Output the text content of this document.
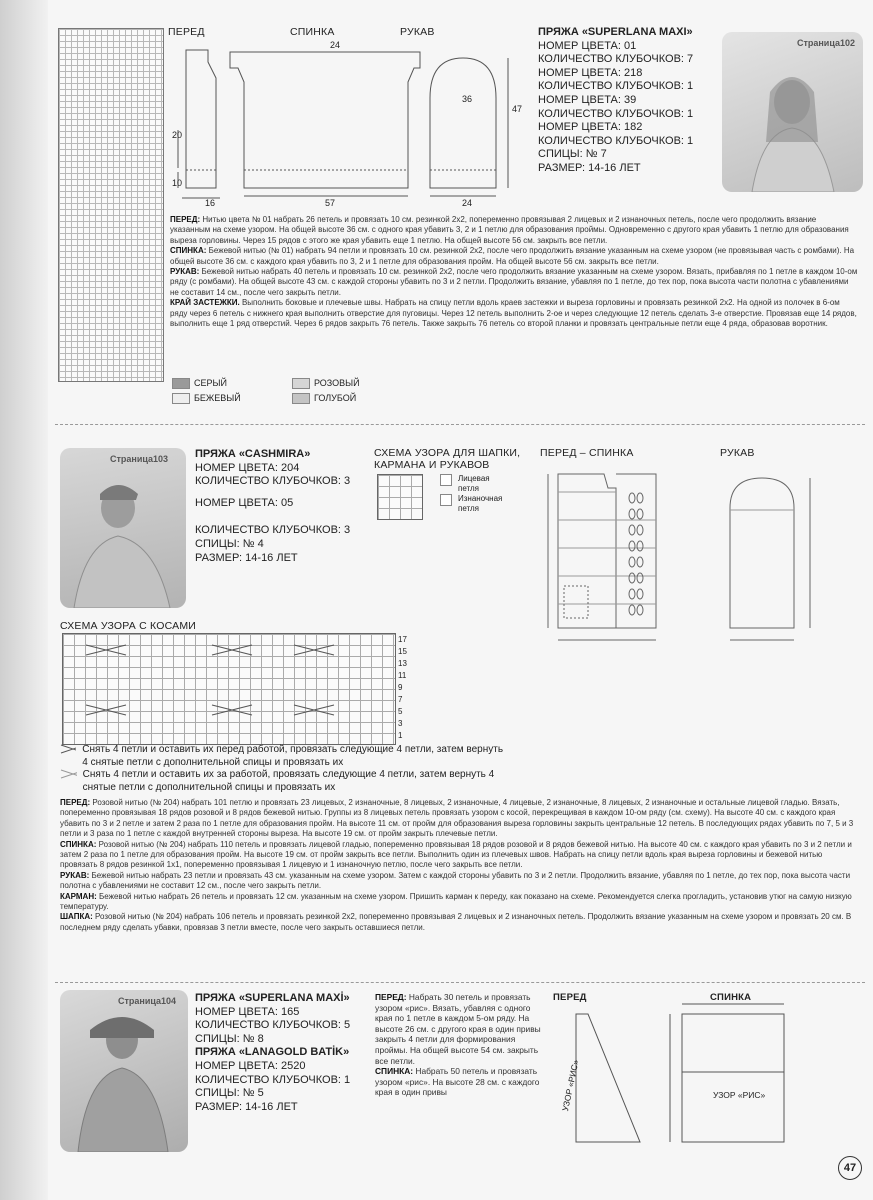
ПЕРЕД	СПИНКА	РУКАВ
16
24
57
20
10
36
47
24
ПРЯЖА «SUPERLANA MAXI»
НОМЕР ЦВЕТА: 01
КОЛИЧЕСТВО КЛУБОЧКОВ: 7
НОМЕР ЦВЕТА: 218
КОЛИЧЕСТВО КЛУБОЧКОВ: 1
НОМЕР ЦВЕТА: 39
КОЛИЧЕСТВО КЛУБОЧКОВ: 1
НОМЕР ЦВЕТА: 182
КОЛИЧЕСТВО КЛУБОЧКОВ: 1
СПИЦЫ: № 7
РАЗМЕР: 14-16 ЛЕТ
Страница102

ПЕРЕД: Нитью цвета № 01 набрать 26 петель и провязать 10 см. резинкой 2х2, попеременно провязывая 2 лицевых и 2 изнаночных петель, после чего продолжить вязание указанным на схеме узором. На общей высоте 36 см. с одного края убавить 3, 2 и 1 петлю для образования проймы. Одновременно с другого края убавить 1 петлю для образования выреза горловины. Через 15 рядов с этого же края убавить еще 1 петлю. На общей высоте 56 см. закрыть все петли.

СПИНКА: Бежевой нитью (№ 01) набрать 94 петли и провязать 10 см. резинкой 2х2, после чего продолжить вязание указанным на схеме узором (не провязывая часть с ромбами). На общей высоте 36 см. с каждого края убавить по 3, 2 и 1 петле для образования пройм. На общей высоте 56 см. закрыть все петли.

РУКАВ: Бежевой нитью набрать 40 петель и провязать 10 см. резинкой 2х2, после чего продолжить вязание указанным на схеме узором. Вязать, прибавляя по 1 петле в каждом 10-ом ряду (с ромбами). На общей высоте 43 см. с каждой стороны убавить по 3 и 2 петли. Продолжить вязание, убавляя по 1 петле, до тех пор, пока высота части полотна с убавлениями не составит 14 см., после чего закрыть петли.

КРАЙ ЗАСТЕЖКИ. Выполнить боковые и плечевые швы. Набрать на спицу петли вдоль краев застежки и выреза горловины и провязать резинкой 2х2. На одной из полочек в 6-ом ряду через 6 петель с нижнего края выполнить отверстие для пуговицы. Через 12 петель выполнить 2-ое и через следующие 12 петель сделать 3-е отверстие. Провязав еще 14 рядов, выполнить еще 1 ряд отверстий. Через 6 рядов закрыть 76 петель. Также закрыть 76 петель со второй планки и провязать центральные петли еще 4 ряда, образовав воротник.

СЕРЫЙ
БЕЖЕВЫЙ
РОЗОВЫЙ
ГОЛУБОЙ
Страница103 ПРЯЖА «CASHMIRA»
НОМЕР ЦВЕТА: 204
КОЛИЧЕСТВО КЛУБОЧКОВ: 3
НОМЕР ЦВЕТА: 05
КОЛИЧЕСТВО КЛУБОЧКОВ: 3
СПИЦЫ: № 4
РАЗМЕР: 14-16 ЛЕТ
СХЕМА УЗОРА ДЛЯ ШАПКИ,
КАРМАНА И РУКАВОВ
Лицевая
петля
Изнаночная
петля
ПЕРЕД – СПИНКА	РУКАВ
СХЕМА УЗОРА С КОСАМИ
17
15
13
11
9
7
5
3
1
Снять 4 петли и оставить их перед работой, провязать следующие 4 петли, затем вернуть 4 снятые петли с дополнительной спицы и провязать их
Снять 4 петли и оставить их за работой, провязать следующие 4 петли, затем вернуть 4 снятые петли с дополнительной спицы и провязать их

ПЕРЕД: Розовой нитью (№ 204) набрать 101 петлю и провязать 23 лицевых, 2 изнаночные, 8 лицевых, 2 изнаночные, 4 лицевые, 2 изнаночные, 8 лицевых, 2 изнаночные и остальные лицевой гладью. Вязать, попеременно провязывая 18 рядов розовой и 8 рядов бежевой нитью. Группы из 8 лицевых петель провязать узором с косой, перекрещивая в каждом 10-ом ряду (см. схему). На высоте 40 см. с каждого края убавить по 3 и 2 петле и затем 2 раза по 1 петле для образования пройм. На высоте 11 см. от пройм для образования выреза горловины закрыть центральные 12 петель. В последующих рядах убавить по 7, 5 и 3 петли и 3 раза по 1 петле с каждой внутренней стороны выреза. На высоте 19 см. от пройм закрыть плечевые петли.

СПИНКА: Розовой нитью (№ 204) набрать 110 петель и провязать лицевой гладью, попеременно провязывая 18 рядов розовой и 8 рядов бежевой нитью. На высоте 40 см. с каждого края убавить по 3 и 2 петли и затем 2 раза по 1 петле для образования пройм. На высоте 19 см. от пройм закрыть все петли. Выполнить один из плечевых швов. Набрать на спицу петли вдоль края выреза горловины и бежевой нитью провязать 8 рядов резинкой 1х1, попеременно провязывая 1 лицевую и 1 изнаночную петлю, после чего закрыть все петли.

РУКАВ: Бежевой нитью набрать 23 петли и провязать 43 см. указанным на схеме узором. Затем с каждой стороны убавить по 3 и 2 петли. Продолжить вязание, убавляя по 1 петле, до тех пор, пока высота части полотна с убавлениями не составит 12 см., после чего закрыть петли.

КАРМАН: Бежевой нитью набрать 26 петель и провязать 12 см. указанным на схеме узором. Пришить карман к переду, как показано на схеме. Рекомендуется слегка прогладить, установив утюг на самую низкую температуру.

ШАПКА: Розовой нитью (№ 204) набрать 106 петель и провязать резинкой 2х2, попеременно провязывая 2 лицевых и 2 изнаночных петель. Продолжить вязание указанным на схеме узором и провязать 20 см. В последнем ряду сделать убавки, провязав 3 петли вместе, после чего закрыть оставшиеся петли.

Страница104 ПРЯЖА «SUPERLANA MAXİ»
НОМЕР ЦВЕТА: 165
КОЛИЧЕСТВО КЛУБОЧКОВ: 5
СПИЦЫ: № 8
ПРЯЖА «LANAGOLD BATİK»
НОМЕР ЦВЕТА: 2520
КОЛИЧЕСТВО КЛУБОЧКОВ: 1
СПИЦЫ: № 5
РАЗМЕР: 14-16 ЛЕТ

ПЕРЕД: Набрать 30 петель и провязать узором «рис». Вязать, убавляя с одного края по 1 петле в каждом 5-ом ряду. На высоте 26 см. с другого края в один привы закрыть 4 петли для формирования проймы. На общей высоте 54 см. закрыть все петли.

СПИНКА: Набрать 50 петель и провязать узором «рис». На высоте 28 см. с каждого края в один привы

ПЕРЕД	СПИНКА
УЗОР «РИС»	УЗОР «РИС»
47
